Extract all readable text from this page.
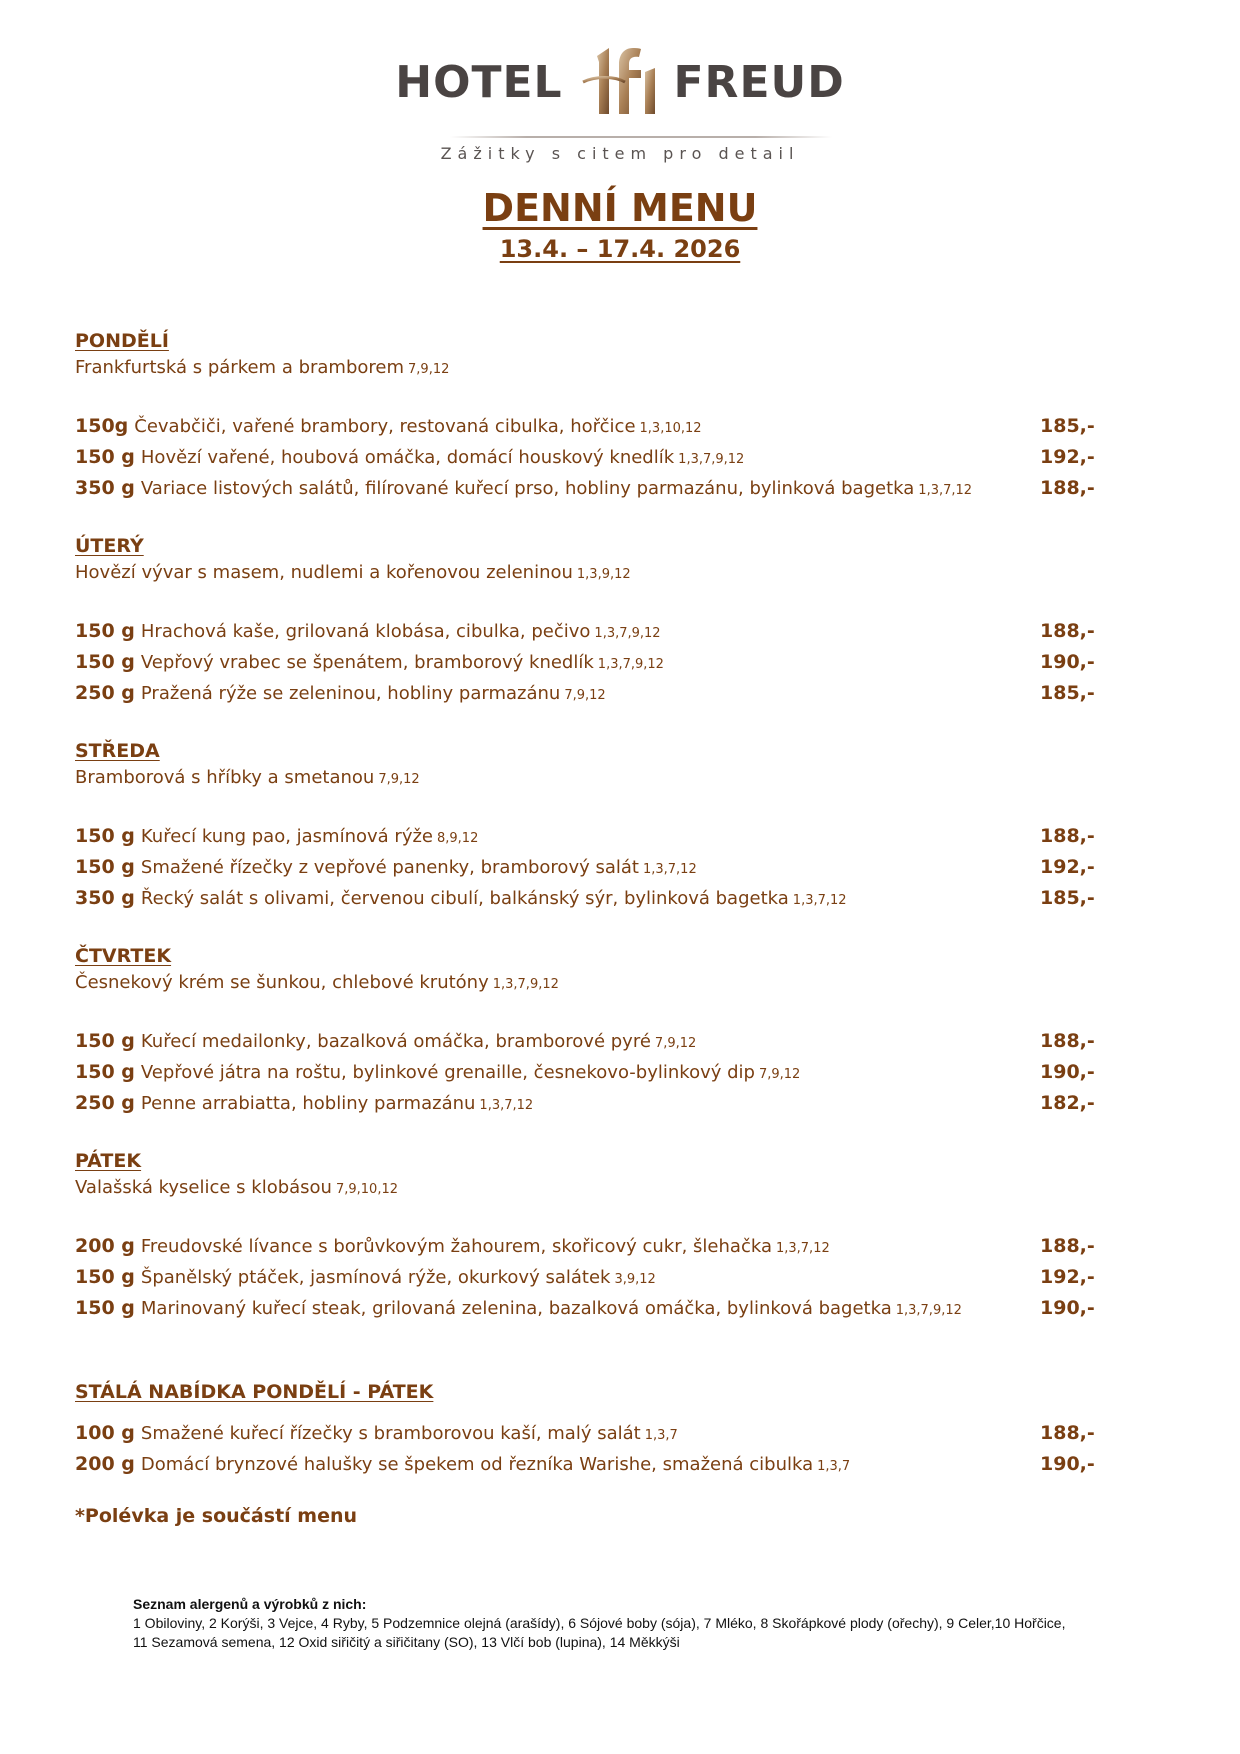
HOTEL	FREUD
Zážitky s citem pro detail
DENNÍ MENU
13.4. – 17.4. 2026
PONDĚLÍ
Frankfurtská s párkem a bramborem 7,9,12
150g Čevabčiči, vařené brambory, restovaná cibulka, hořčice 1,3,10,12	185,-
150 g Hovězí vařené, houbová omáčka, domácí houskový knedlík 1,3,7,9,12	192,-
350 g Variace listových salátů, filírované kuřecí prso, hobliny parmazánu, bylinková bagetka 1,3,7,12	188,-
ÚTERÝ
Hovězí vývar s masem, nudlemi a kořenovou zeleninou 1,3,9,12
150 g Hrachová kaše, grilovaná klobása, cibulka, pečivo 1,3,7,9,12	188,-
150 g Vepřový vrabec se špenátem, bramborový knedlík 1,3,7,9,12	190,-
250 g Pražená rýže se zeleninou, hobliny parmazánu 7,9,12	185,-
STŘEDA
Bramborová s hříbky a smetanou 7,9,12
150 g Kuřecí kung pao, jasmínová rýže 8,9,12	188,-
150 g Smažené řízečky z vepřové panenky, bramborový salát 1,3,7,12	192,-
350 g Řecký salát s olivami, červenou cibulí, balkánský sýr, bylinková bagetka 1,3,7,12	185,-
ČTVRTEK
Česnekový krém se šunkou, chlebové krutóny 1,3,7,9,12
150 g Kuřecí medailonky, bazalková omáčka, bramborové pyré 7,9,12	188,-
150 g Vepřové játra na roštu, bylinkové grenaille, česnekovo-bylinkový dip 7,9,12	190,-
250 g Penne arrabiatta, hobliny parmazánu 1,3,7,12	182,-
PÁTEK
Valašská kyselice s klobásou 7,9,10,12
200 g Freudovské lívance s borůvkovým žahourem, skořicový cukr, šlehačka 1,3,7,12	188,-
150 g Španělský ptáček, jasmínová rýže, okurkový salátek 3,9,12	192,-
150 g Marinovaný kuřecí steak, grilovaná zelenina, bazalková omáčka, bylinková bagetka 1,3,7,9,12	190,-
STÁLÁ NABÍDKA PONDĚLÍ - PÁTEK
100 g Smažené kuřecí řízečky s bramborovou kaší, malý salát 1,3,7	188,-
200 g Domácí brynzové halušky se špekem od řezníka Warishe, smažená cibulka 1,3,7	190,-
*Polévka je součástí menu
Seznam alergenů a výrobků z nich:
1 Obiloviny, 2 Korýši, 3 Vejce, 4 Ryby, 5 Podzemnice olejná (arašídy), 6 Sójové boby (sója), 7 Mléko, 8 Skořápkové plody (ořechy), 9 Celer,10 Hořčice,
11 Sezamová semena, 12 Oxid siřičitý a siřičitany (SO), 13 Vlčí bob (lupina), 14 Měkkýši
